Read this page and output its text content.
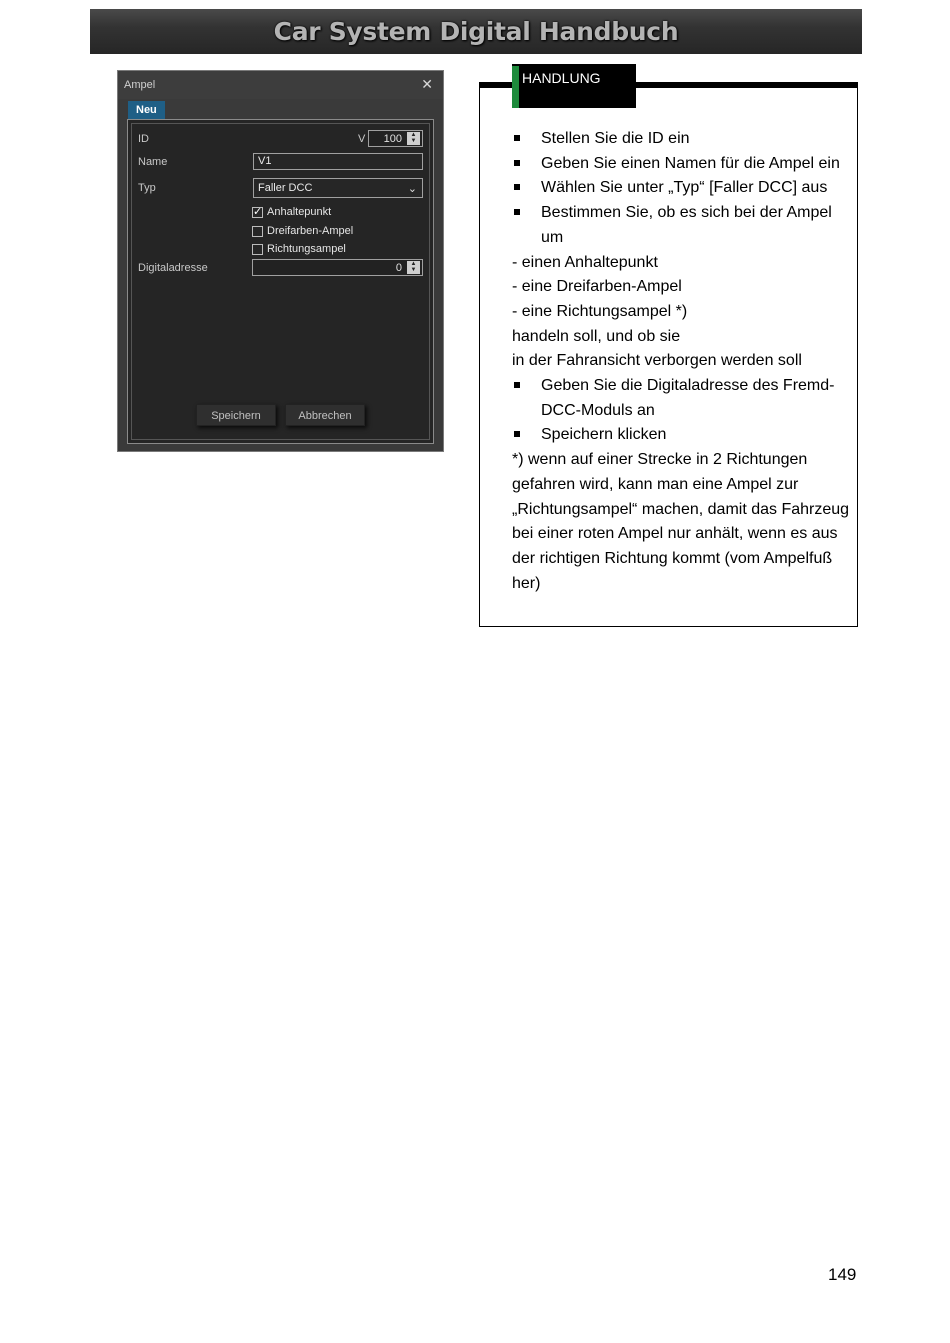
Car System Digital Handbuch
Ampel	✕
Neu
ID	V 100	▲
▼
Name	V1
Typ	Faller DCC	⌄
✓ Anhaltepunkt
Dreifarben-Ampel
Richtungsampel
Digitaladresse	0	▲
▼
Speichern	Abbrechen
HANDLUNG
Stellen Sie die ID ein
Geben Sie einen Namen für die Ampel ein
Wählen Sie unter „Typ“ [Faller DCC] aus
Bestimmen Sie, ob es sich bei der Ampel um
- einen Anhaltepunkt
- eine Dreifarben-Ampel
- eine Richtungsampel *)
handeln soll, und ob sie
in der Fahransicht verborgen werden soll
Geben Sie die Digitaladresse des Fremd-DCC-Moduls an
Speichern klicken
*) wenn auf einer Strecke in 2 Richtungen gefahren wird, kann man eine Ampel zur „Richtungsampel“ machen, damit das Fahrzeug bei einer roten Ampel nur anhält, wenn es aus der richtigen Richtung kommt (vom Ampelfuß her)
149
